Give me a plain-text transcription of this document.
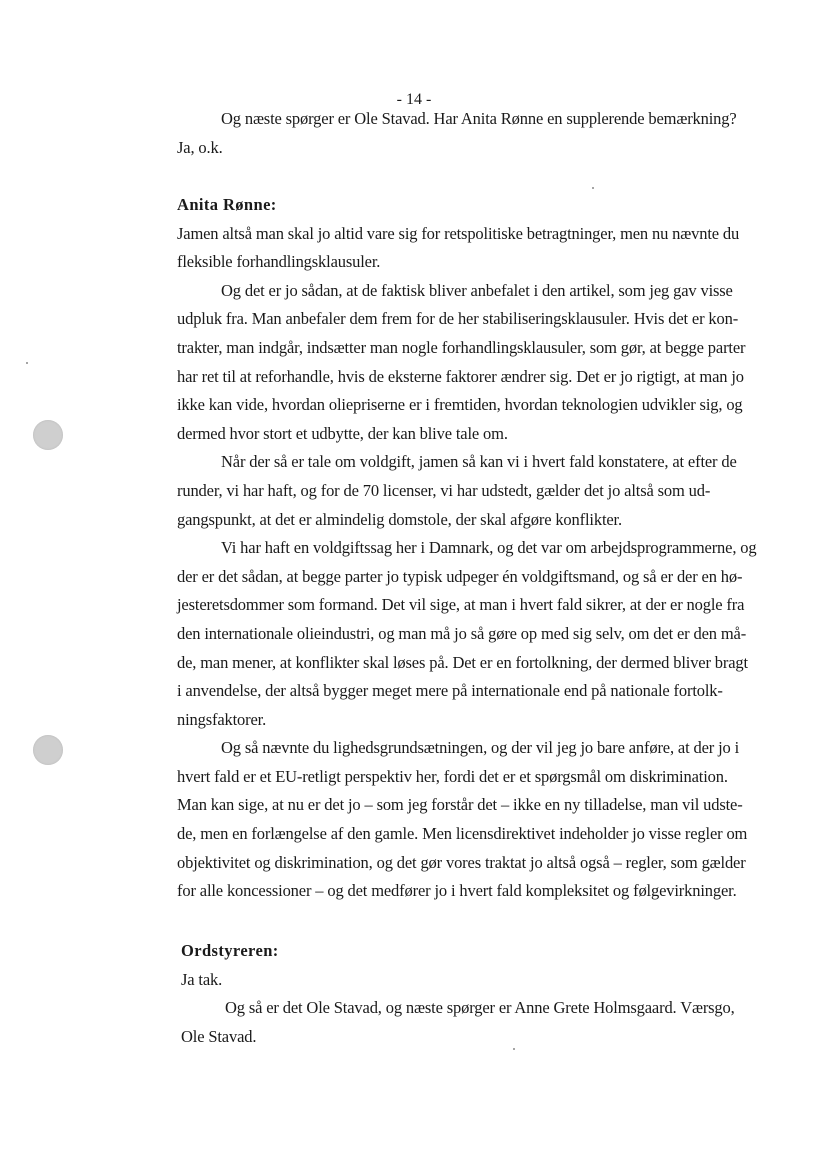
- 14 -
Og næste spørger er Ole Stavad. Har Anita Rønne en supplerende bemærkning?
Ja, o.k.
Anita Rønne:
Jamen altså man skal jo altid vare sig for retspolitiske betragtninger, men nu nævnte du
fleksible forhandlingsklausuler.
Og det er jo sådan, at de faktisk bliver anbefalet i den artikel, som jeg gav visse
udpluk fra. Man anbefaler dem frem for de her stabiliseringsklausuler. Hvis det er kon-
trakter, man indgår, indsætter man nogle forhandlingsklausuler, som gør, at begge parter
har ret til at reforhandle, hvis de eksterne faktorer ændrer sig. Det er jo rigtigt, at man jo
ikke kan vide, hvordan oliepriserne er i fremtiden, hvordan teknologien udvikler sig, og
dermed hvor stort et udbytte, der kan blive tale om.
Når der så er tale om voldgift, jamen så kan vi i hvert fald konstatere, at efter de
runder, vi har haft, og for de 70 licenser, vi har udstedt, gælder det jo altså som ud-
gangspunkt, at det er almindelig domstole, der skal afgøre konflikter.
Vi har haft en voldgiftssag her i Damnark, og det var om arbejdsprogrammerne, og
der er det sådan, at begge parter jo typisk udpeger én voldgiftsmand, og så er der en hø-
jesteretsdommer som formand. Det vil sige, at man i hvert fald sikrer, at der er nogle fra
den internationale olieindustri, og man må jo så gøre op med sig selv, om det er den må-
de, man mener, at konflikter skal løses på. Det er en fortolkning, der dermed bliver bragt
i anvendelse, der altså bygger meget mere på internationale end på nationale fortolk-
ningsfaktorer.
Og så nævnte du lighedsgrundsætningen, og der vil jeg jo bare anføre, at der jo i
hvert fald er et EU-retligt perspektiv her, fordi det er et spørgsmål om diskrimination.
Man kan sige, at nu er det jo – som jeg forstår det – ikke en ny tilladelse, man vil udste-
de, men en forlængelse af den gamle. Men licensdirektivet indeholder jo visse regler om
objektivitet og diskrimination, og det gør vores traktat jo altså også – regler, som gælder
for alle koncessioner – og det medfører jo i hvert fald kompleksitet og følgevirkninger.
Ordstyreren:
Ja tak.
Og så er det Ole Stavad, og næste spørger er Anne Grete Holmsgaard. Værsgo,
Ole Stavad.
